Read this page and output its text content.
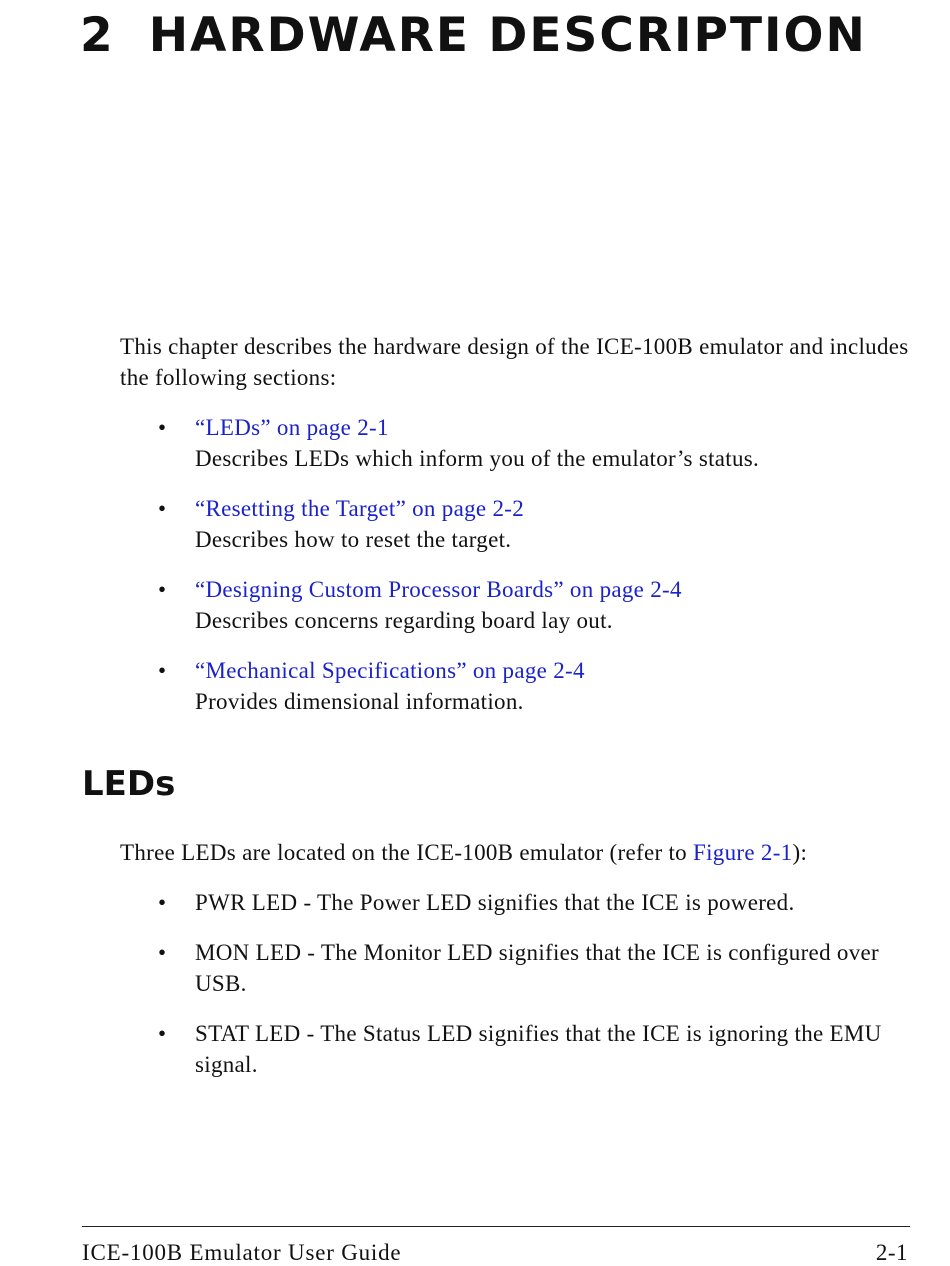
2 HARDWARE DESCRIPTION

This chapter describes the hardware design of the ICE-100B emulator and includes the following sections:

• “LEDs” on page 2-1
Describes LEDs which inform you of the emulator’s status.
• “Resetting the Target” on page 2-2
Describes how to reset the target.
• “Designing Custom Processor Boards” on page 2-4
Describes concerns regarding board lay out.
• “Mechanical Specifications” on page 2-4
Provides dimensional information.
LEDs

Three LEDs are located on the ICE-100B emulator (refer to Figure 2-1):

• PWR LED - The Power LED signifies that the ICE is powered.
• MON LED - The Monitor LED signifies that the ICE is configured over USB.
• STAT LED - The Status LED signifies that the ICE is ignoring the EMU signal.
ICE-100B Emulator User Guide	2-1
